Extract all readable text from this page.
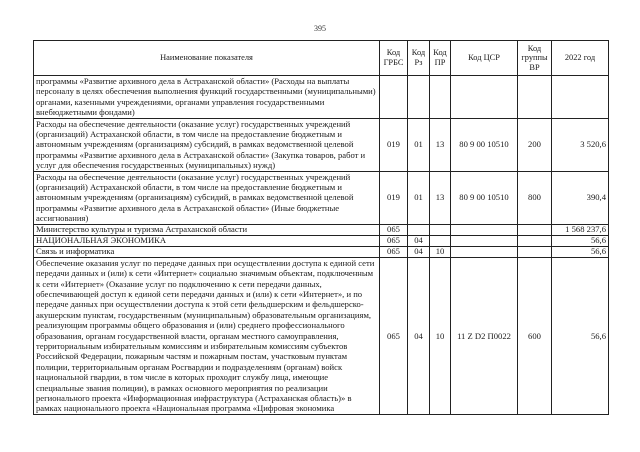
395
Наименование показателя	Код ГРБС	Код Рз	Код ПР	Код ЦСР	Код группы ВР	2022 год
программы «Развитие архивного дела в Астраханской области» (Расходы на выплаты персоналу в целях обеспечения выполнения функций государственными (муниципальными) органами, казенными учреждениями, органами управления государственными внебюджетными фондами)						
Расходы на обеспечение деятельности (оказание услуг) государственных учреждений (организаций) Астраханской области, в том числе на предоставление бюджетным и автономным учреждениям (организациям) субсидий, в рамках ведомственной целевой программы «Развитие архивного дела в Астраханской области» (Закупка товаров, работ и услуг для обеспечения государственных (муниципальных) нужд)	019	01	13	80 9 00 10510	200	3 520,6
Расходы на обеспечение деятельности (оказание услуг) государственных учреждений (организаций) Астраханской области, в том числе на предоставление бюджетным и автономным учреждениям (организациям) субсидий, в рамках ведомственной целевой программы «Развитие архивного дела в Астраханской области» (Иные бюджетные ассигнования)	019	01	13	80 9 00 10510	800	390,4
Министерство культуры и туризма Астраханской области	065					1 568 237,6
НАЦИОНАЛЬНАЯ ЭКОНОМИКА	065	04				56,6
Связь и информатика	065	04	10			56,6
Обеспечение оказания услуг по передаче данных при осуществлении доступа к единой сети передачи данных и (или) к сети «Интернет» социально значимым объектам, подключенным к сети «Интернет» (Оказание услуг по подключению к сети передачи данных, обеспечивающей доступ к единой сети передачи данных и (или) к сети «Интернет», и по передаче данных при осуществлении доступа к этой сети фельдшерским и фельдшерско-акушерским пунктам, государственным (муниципальным) образовательным организациям, реализующим программы общего образования и (или) среднего профессионального образования, органам государственной власти, органам местного самоуправления, территориальным избирательным комиссиям и избирательным комиссиям субъектов Российской Федерации, пожарным частям и пожарным постам, участковым пунктам полиции, территориальным органам Росгвардии и подразделениям (органам) войск национальной гвардии, в том числе в которых проходит службу лица, имеющие специальные звания полиции), в рамках основного мероприятия по реализации регионального проекта «Информационная инфраструктура (Астраханская область)» в рамках национального проекта «Национальная программа «Цифровая экономика	065	04	10	11 Z D2 П0022	600	56,6
